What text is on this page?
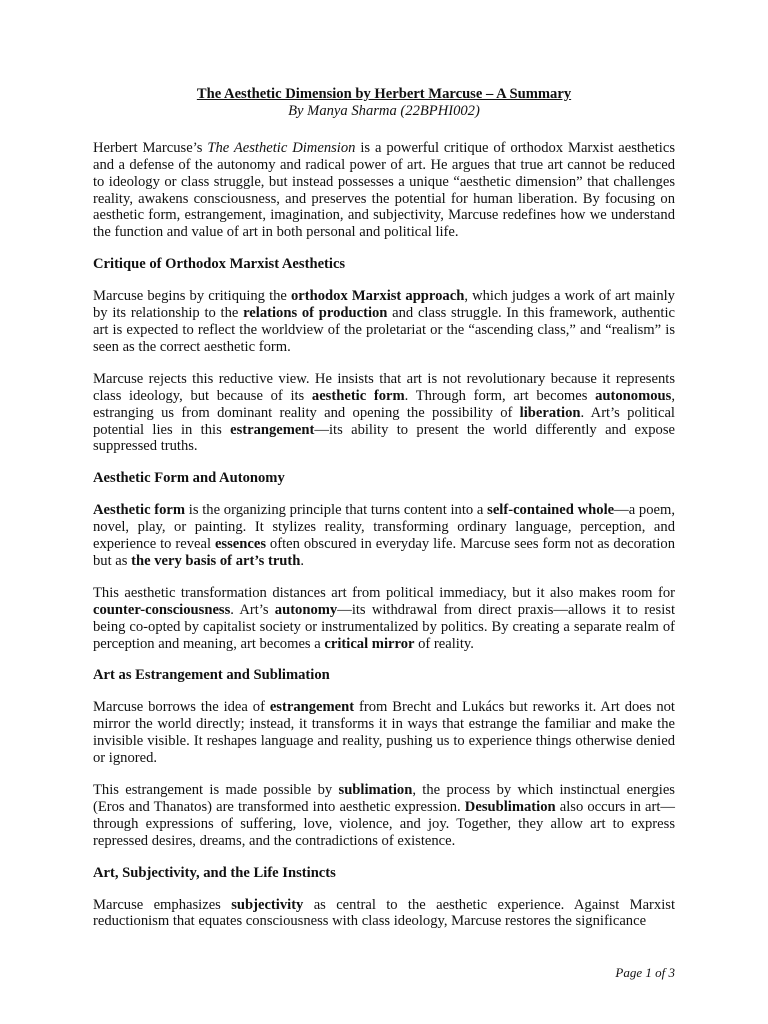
The Aesthetic Dimension by Herbert Marcuse – A Summary
By Manya Sharma (22BPHI002)

Herbert Marcuse’s The Aesthetic Dimension is a powerful critique of orthodox Marxist aesthetics and a defense of the autonomy and radical power of art. He argues that true art cannot be reduced to ideology or class struggle, but instead possesses a unique “aesthetic dimension” that challenges reality, awakens consciousness, and preserves the potential for human liberation. By focusing on aesthetic form, estrangement, imagination, and subjectivity, Marcuse redefines how we understand the function and value of art in both personal and political life.

Critique of Orthodox Marxist Aesthetics

Marcuse begins by critiquing the orthodox Marxist approach, which judges a work of art mainly by its relationship to the relations of production and class struggle. In this framework, authentic art is expected to reflect the worldview of the proletariat or the “ascending class,” and “realism” is seen as the correct aesthetic form.

Marcuse rejects this reductive view. He insists that art is not revolutionary because it represents class ideology, but because of its aesthetic form. Through form, art becomes autonomous, estranging us from dominant reality and opening the possibility of liberation. Art’s political potential lies in this estrangement—its ability to present the world differently and expose suppressed truths.

Aesthetic Form and Autonomy

Aesthetic form is the organizing principle that turns content into a self-contained whole—a poem, novel, play, or painting. It stylizes reality, transforming ordinary language, perception, and experience to reveal essences often obscured in everyday life. Marcuse sees form not as decoration but as the very basis of art’s truth.

This aesthetic transformation distances art from political immediacy, but it also makes room for counter-consciousness. Art’s autonomy—its withdrawal from direct praxis—allows it to resist being co-opted by capitalist society or instrumentalized by politics. By creating a separate realm of perception and meaning, art becomes a critical mirror of reality.

Art as Estrangement and Sublimation

Marcuse borrows the idea of estrangement from Brecht and Lukács but reworks it. Art does not mirror the world directly; instead, it transforms it in ways that estrange the familiar and make the invisible visible. It reshapes language and reality, pushing us to experience things otherwise denied or ignored.

This estrangement is made possible by sublimation, the process by which instinctual energies (Eros and Thanatos) are transformed into aesthetic expression. Desublimation also occurs in art—through expressions of suffering, love, violence, and joy. Together, they allow art to express repressed desires, dreams, and the contradictions of existence.

Art, Subjectivity, and the Life Instincts

Marcuse emphasizes subjectivity as central to the aesthetic experience. Against Marxist reductionism that equates consciousness with class ideology, Marcuse restores the significance

Page 1 of 3
